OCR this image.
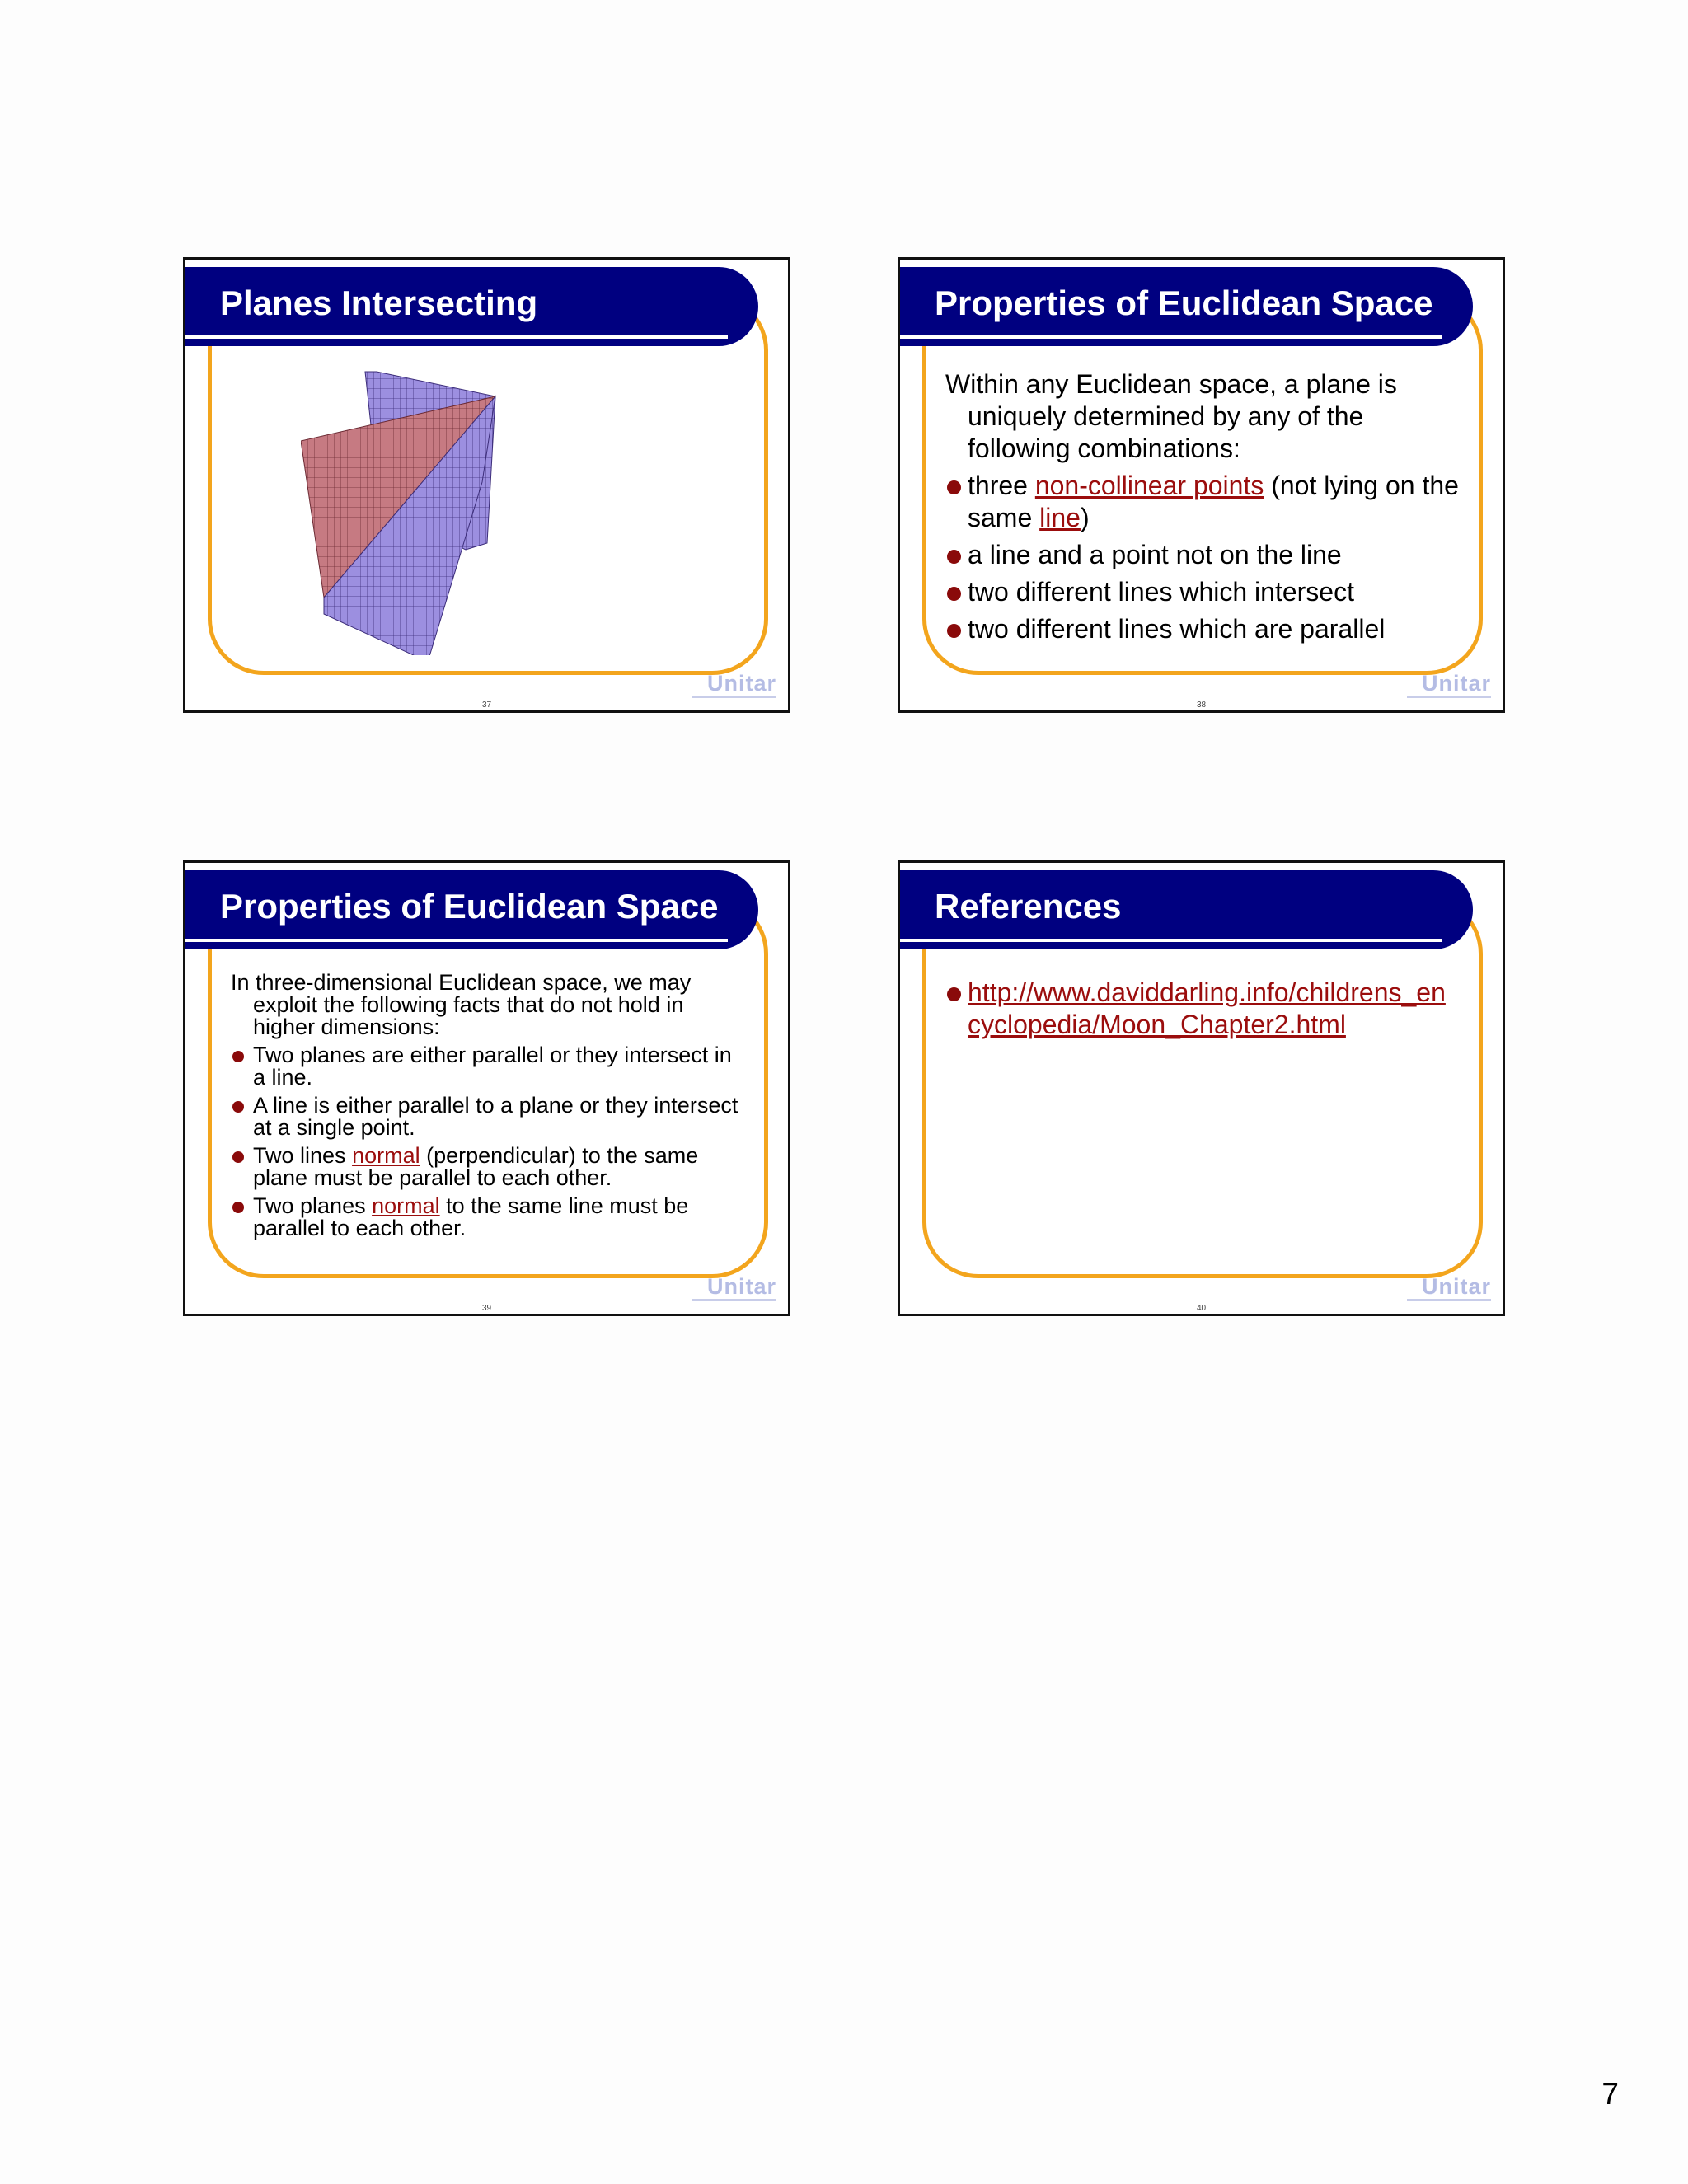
Planes Intersecting
37
Unitar
Properties of Euclidean Space

Within any Euclidean space, a plane is uniquely determined by any of the following combinations:

three non-collinear points (not lying on the same line)

a line and a point not on the line

two different lines which intersect

two different lines which are parallel

38
Unitar
Properties of Euclidean Space

In three-dimensional Euclidean space, we may exploit the following facts that do not hold in higher dimensions:

Two planes are either parallel or they intersect in a line.

A line is either parallel to a plane or they intersect at a single point.

Two lines normal (perpendicular) to the same plane must be parallel to each other.

Two planes normal to the same line must be parallel to each other.

39
Unitar
References

http://www.daviddarling.info/childrens_encyclopedia/Moon_Chapter2.html

40
Unitar
7
